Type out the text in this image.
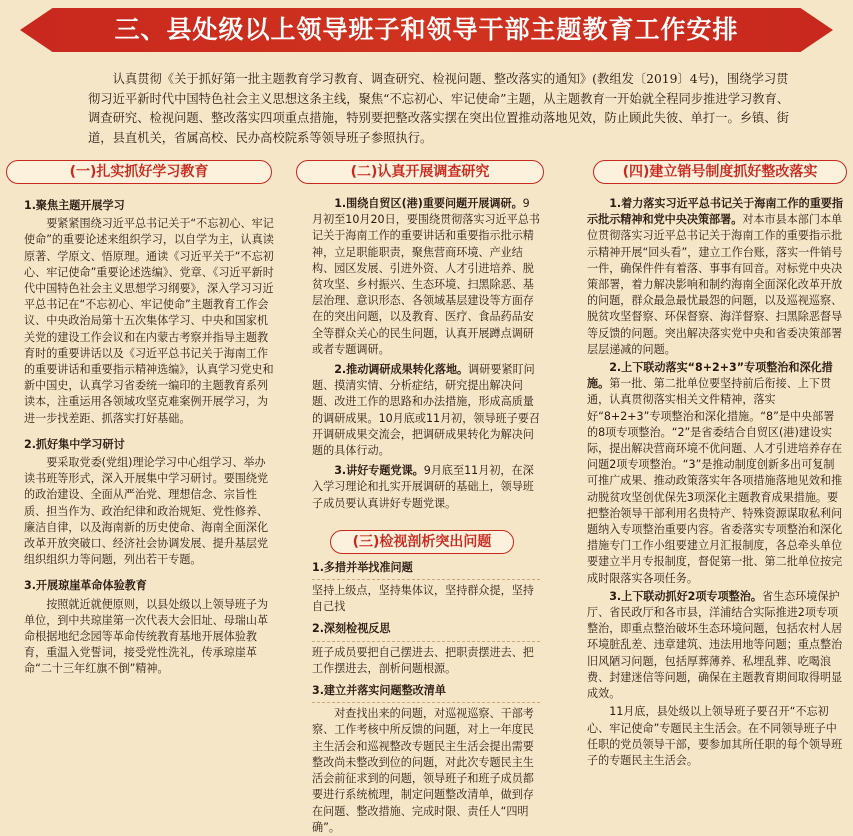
三、县处级以上领导班子和领导干部主题教育工作安排
认真贯彻《关于抓好第一批主题教育学习教育、调查研究、检视问题、整改落实的通知》(教组发〔2019〕4号)，围绕学习贯彻习近平新时代中国特色社会主义思想这条主线，聚焦“不忘初心、牢记使命”主题，从主题教育一开始就全程同步推进学习教育、调查研究、检视问题、整改落实四项重点措施，特别要把整改落实摆在突出位置推动落地见效，防止顾此失彼、单打一。乡镇、街道，县直机关，省属高校、民办高校院系等领导班子参照执行。
(一)扎实抓好学习教育
1.聚焦主题开展学习

要紧紧围绕习近平总书记关于“不忘初心、牢记使命”的重要论述来组织学习，以自学为主，认真读原著、学原文、悟原理。通读《习近平关于“不忘初心、牢记使命”重要论述选编》、党章、《习近平新时代中国特色社会主义思想学习纲要》，深入学习习近平总书记在“不忘初心、牢记使命”主题教育工作会议、中央政治局第十五次集体学习、中央和国家机关党的建设工作会议和在内蒙古考察并指导主题教育时的重要讲话以及《习近平总书记关于海南工作的重要讲话和重要指示精神选编》，认真学习党史和新中国史，认真学习省委统一编印的主题教育系列读本，注重运用各领域攻坚克难案例开展学习，为进一步找差距、抓落实打好基础。

2.抓好集中学习研讨

要采取党委(党组)理论学习中心组学习、举办读书班等形式，深入开展集中学习研讨。要围绕党的政治建设、全面从严治党、理想信念、宗旨性质、担当作为、政治纪律和政治规矩、党性修养、廉洁自律，以及海南新的历史使命、海南全面深化改革开放突破口、经济社会协调发展、提升基层党组织组织力等问题，列出若干专题。

3.开展琼崖革命体验教育

按照就近就便原则，以县处级以上领导班子为单位，到中共琼崖第一次代表大会旧址、母瑞山革命根据地纪念园等革命传统教育基地开展体验教育，重温入党誓词，接受党性洗礼，传承琼崖革命“二十三年红旗不倒”精神。

(二)认真开展调查研究

1.围绕自贸区(港)重要问题开展调研。9月初至10月20日，要围绕贯彻落实习近平总书记关于海南工作的重要讲话和重要指示批示精神，立足职能职责，聚焦营商环境、产业结构、园区发展、引进外资、人才引进培养、脱贫攻坚、乡村振兴、生态环境、扫黑除恶、基层治理、意识形态、各领域基层建设等方面存在的突出问题，以及教育、医疗、食品药品安全等群众关心的民生问题，认真开展蹲点调研或者专题调研。

2.推动调研成果转化落地。调研要紧盯问题、摸清实情、分析症结，研究提出解决问题、改进工作的思路和办法措施，形成高质量的调研成果。10月底或11月初，领导班子要召开调研成果交流会，把调研成果转化为解决问题的具体行动。

3.讲好专题党课。9月底至11月初，在深入学习理论和扎实开展调研的基础上，领导班子成员要认真讲好专题党课。

(三)检视剖析突出问题
1.多措并举找准问题

坚持上级点，坚持集体议，坚持群众提，坚持自己找

2.深刻检视反思

班子成员要把自己摆进去、把职责摆进去、把工作摆进去，剖析问题根源。

3.建立并落实问题整改清单

对查找出来的问题，对巡视巡察、干部考察、工作考核中所反馈的问题，对上一年度民主生活会和巡视整改专题民主生活会提出需要整改尚未整改到位的问题，对此次专题民主生活会前征求到的问题，领导班子和班子成员都要进行系统梳理，制定问题整改清单，做到存在问题、整改措施、完成时限、责任人“四明确”。

(四)建立销号制度抓好整改落实

1.着力落实习近平总书记关于海南工作的重要指示批示精神和党中央决策部署。对本市县本部门本单位贯彻落实习近平总书记关于海南工作的重要指示批示精神开展“回头看”，建立工作台账，落实一件销号一件，确保件件有着落、事事有回音。对标党中央决策部署，着力解决影响和制约海南全面深化改革开放的问题，群众最急最忧最怨的问题，以及巡视巡察、脱贫攻坚督察、环保督察、海洋督察、扫黑除恶督导等反馈的问题。突出解决落实党中央和省委决策部署层层递减的问题。

2.上下联动落实“8+2+3”专项整治和深化措施。第一批、第二批单位要坚持前后衔接、上下贯通，认真贯彻落实相关文件精神，落实好“8+2+3”专项整治和深化措施。“8”是中央部署的8项专项整治。“2”是省委结合自贸区(港)建设实际，提出解决营商环境不优问题、人才引进培养存在问题2项专项整治。“3”是推动制度创新多出可复制可推广成果、推动政策落实年各项措施落地见效和推动脱贫攻坚创优保先3项深化主题教育成果措施。要把整治领导干部利用名贵特产、特殊资源谋取私利问题纳入专项整治重要内容。省委落实专项整治和深化措施专门工作小组要建立月汇报制度，各总牵头单位要建立半月专报制度，督促第一批、第二批单位按完成时限落实各项任务。

3.上下联动抓好2项专项整治。省生态环境保护厅、省民政厅和各市县，洋浦结合实际推进2项专项整治，即重点整治破坏生态环境问题，包括农村人居环境脏乱差、违章建筑、违法用地等问题；重点整治旧风陋习问题，包括厚葬薄养、私埋乱葬、吃喝浪费、封建迷信等问题，确保在主题教育期间取得明显成效。

11月底，县处级以上领导班子要召开“不忘初心、牢记使命”专题民主生活会。在不同领导班子中任职的党员领导干部，要参加其所任职的每个领导班子的专题民主生活会。
